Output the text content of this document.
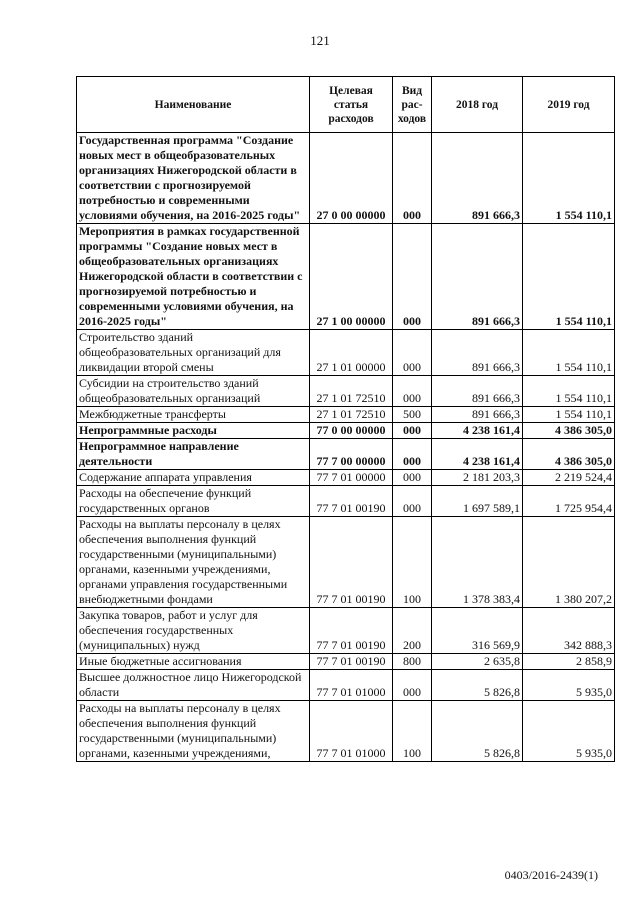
121
Наименование	Целевая статья расходов	Вид рас-ходов	2018 год	2019 год
Государственная программа "Создание новых мест в общеобразовательных организациях Нижегородской области в соответствии с прогнозируемой потребностью и современными условиями обучения, на 2016-2025 годы"	27 0 00 00000	000	891 666,3	1 554 110,1
Мероприятия в рамках государственной программы "Создание новых мест в общеобразовательных организациях Нижегородской области в соответствии с прогнозируемой потребностью и современными условиями обучения, на 2016-2025 годы"	27 1 00 00000	000	891 666,3	1 554 110,1
Строительство зданий общеобразовательных организаций для ликвидации второй смены	27 1 01 00000	000	891 666,3	1 554 110,1
Субсидии на строительство зданий общеобразовательных организаций	27 1 01 72510	000	891 666,3	1 554 110,1
Межбюджетные трансферты	27 1 01 72510	500	891 666,3	1 554 110,1
Непрограммные расходы	77 0 00 00000	000	4 238 161,4	4 386 305,0
Непрограммное направление деятельности	77 7 00 00000	000	4 238 161,4	4 386 305,0
Содержание аппарата управления	77 7 01 00000	000	2 181 203,3	2 219 524,4
Расходы на обеспечение функций государственных органов	77 7 01 00190	000	1 697 589,1	1 725 954,4
Расходы на выплаты персоналу в целях обеспечения выполнения функций государственными (муниципальными) органами, казенными учреждениями, органами управления государственными внебюджетными фондами	77 7 01 00190	100	1 378 383,4	1 380 207,2
Закупка товаров, работ и услуг для обеспечения государственных (муниципальных) нужд	77 7 01 00190	200	316 569,9	342 888,3
Иные бюджетные ассигнования	77 7 01 00190	800	2 635,8	2 858,9
Высшее должностное лицо Нижегородской области	77 7 01 01000	000	5 826,8	5 935,0
Расходы на выплаты персоналу в целях обеспечения выполнения функций государственными (муниципальными) органами, казенными учреждениями,	77 7 01 01000	100	5 826,8	5 935,0
0403/2016-2439(1)
